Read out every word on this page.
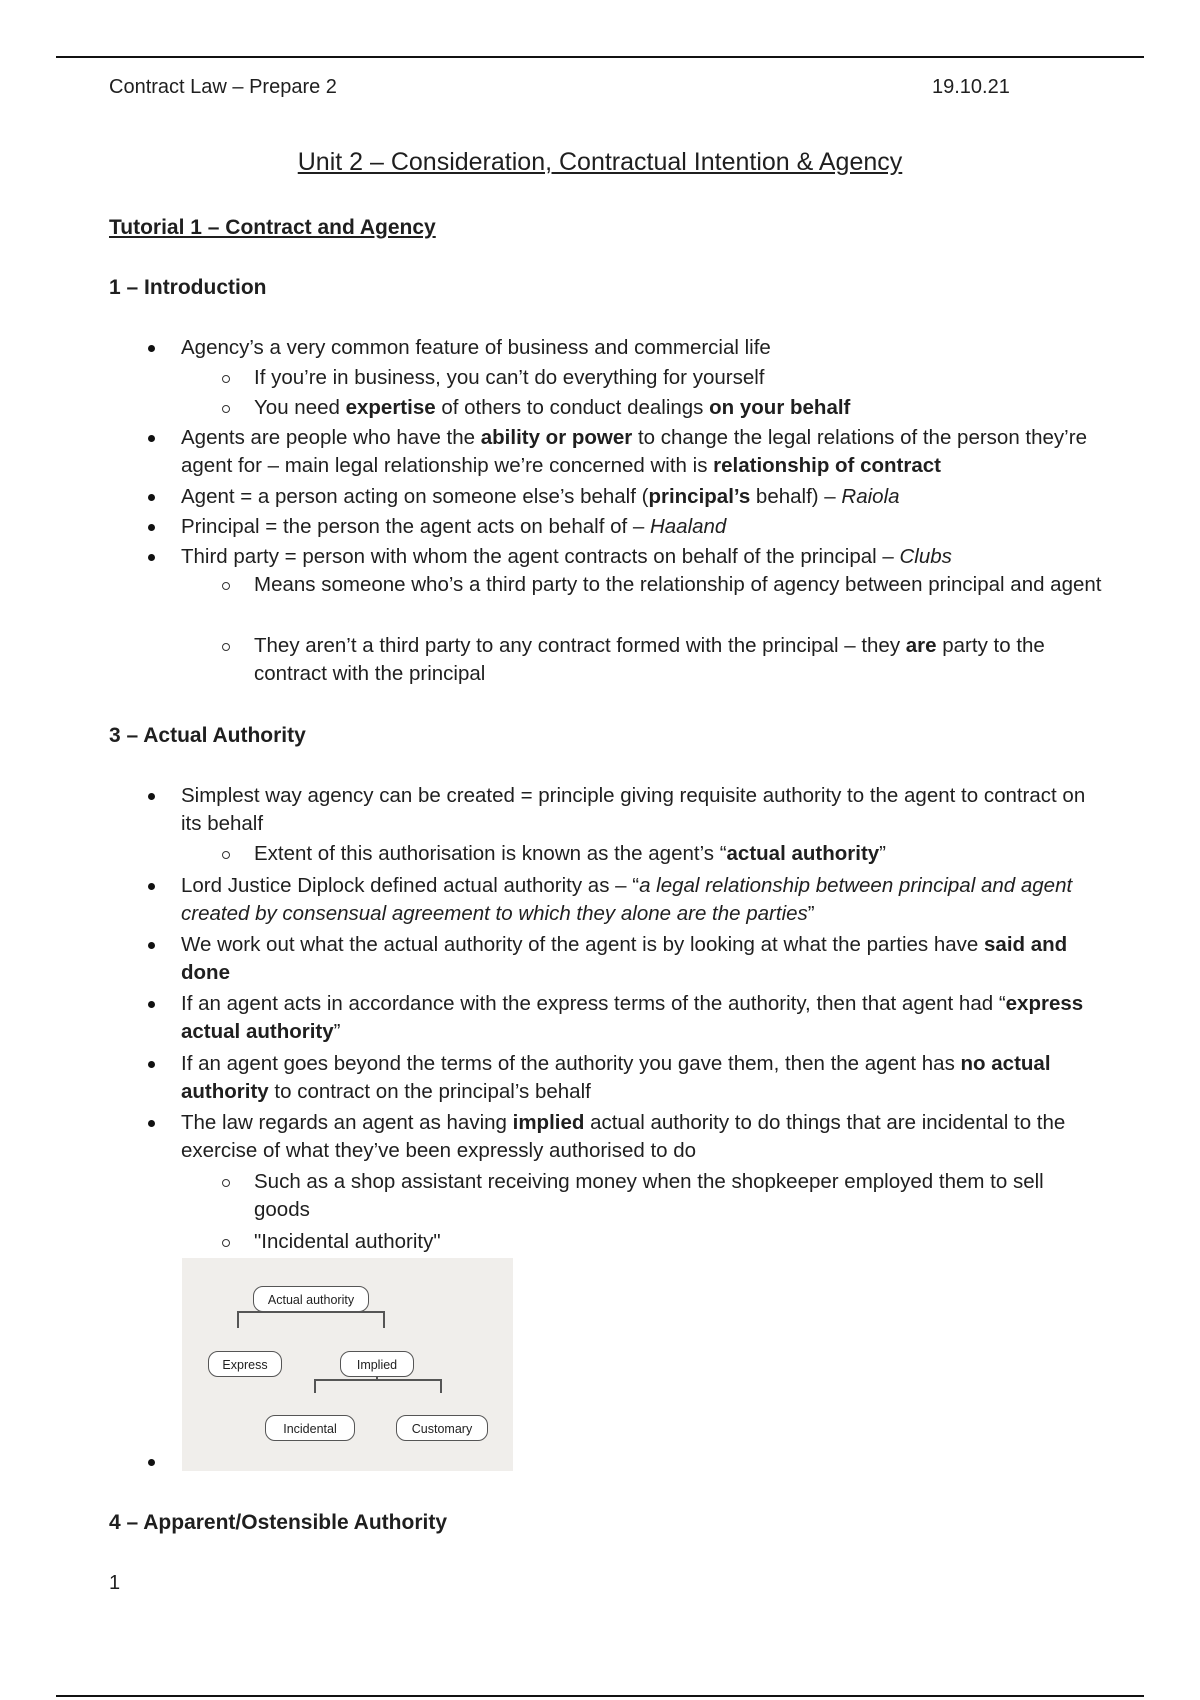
Contract Law – Prepare 2	19.10.21
Unit 2 – Consideration, Contractual Intention & Agency
Tutorial 1 – Contract and Agency
1 – Introduction
Agency’s a very common feature of business and commercial life
If you’re in business, you can’t do everything for yourself
You need expertise of others to conduct dealings on your behalf
Agents are people who have the ability or power to change the legal relations of the person they’re agent for – main legal relationship we’re concerned with is relationship of contract
Agent = a person acting on someone else’s behalf (principal’s behalf) – Raiola
Principal = the person the agent acts on behalf of – Haaland
Third party = person with whom the agent contracts on behalf of the principal – Clubs
Means someone who’s a third party to the relationship of agency between principal and agent
They aren’t a third party to any contract formed with the principal – they are party to the contract with the principal
3 – Actual Authority
Simplest way agency can be created = principle giving requisite authority to the agent to contract on its behalf
Extent of this authorisation is known as the agent’s “actual authority”
Lord Justice Diplock defined actual authority as – “a legal relationship between principal and agent created by consensual agreement to which they alone are the parties”
We work out what the actual authority of the agent is by looking at what the parties have said and done
If an agent acts in accordance with the express terms of the authority, then that agent had “express actual authority”
If an agent goes beyond the terms of the authority you gave them, then the agent has no actual authority to contract on the principal’s behalf
The law regards an agent as having implied actual authority to do things that are incidental to the exercise of what they’ve been expressly authorised to do
Such as a shop assistant receiving money when the shopkeeper employed them to sell goods
"Incidental authority"
Actual authority
Express	Implied
Incidental	Customary
4 – Apparent/Ostensible Authority
1
